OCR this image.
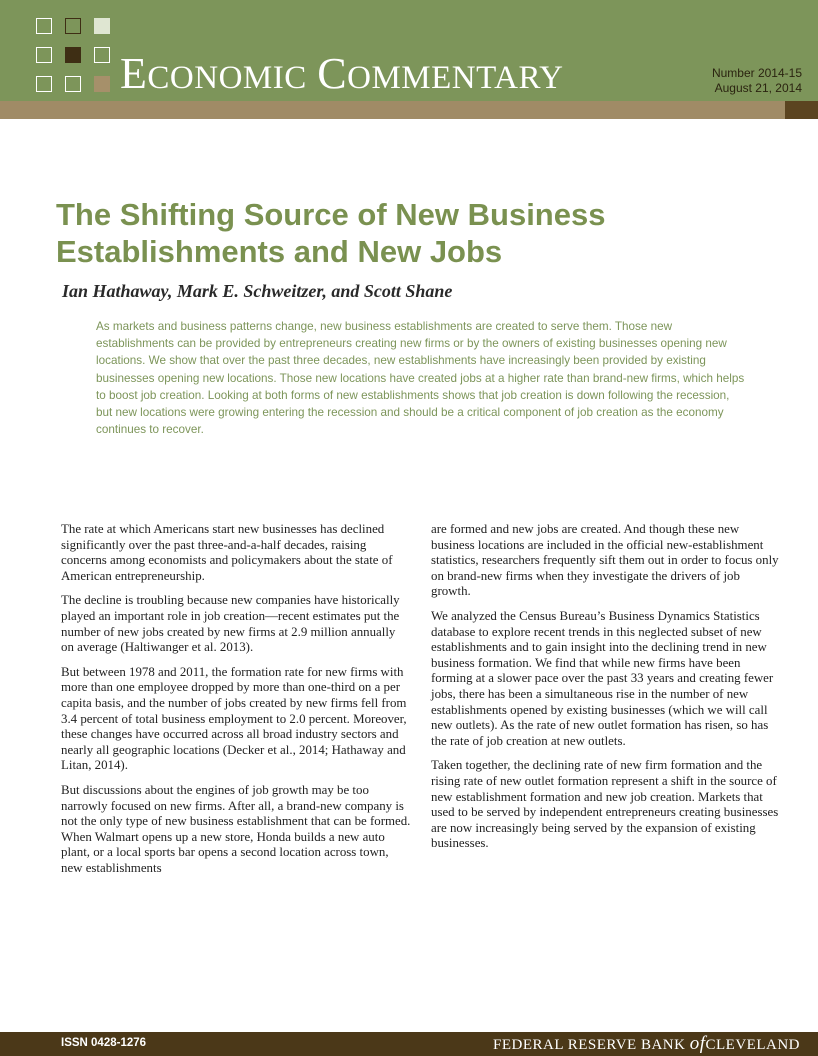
ECONOMIC COMMENTARY	Number 2014-15
August 21, 2014
The Shifting Source of New Business Establishments and New Jobs
Ian Hathaway, Mark E. Schweitzer, and Scott Shane

As markets and business patterns change, new business establishments are created to serve them. Those new establishments can be provided by entrepreneurs creating new firms or by the owners of existing businesses opening new locations. We show that over the past three decades, new establishments have increasingly been provided by existing businesses opening new locations. Those new locations have created jobs at a higher rate than brand-new firms, which helps to boost job creation. Looking at both forms of new establishments shows that job creation is down following the recession, but new locations were growing entering the recession and should be a critical component of job creation as the economy continues to recover.

The rate at which Americans start new businesses has declined significantly over the past three-and-a-half decades, raising concerns among economists and policymakers about the state of American entrepreneurship.

The decline is troubling because new companies have historically played an important role in job creation—recent estimates put the number of new jobs created by new firms at 2.9 million annually on average (Haltiwanger et al. 2013).

But between 1978 and 2011, the formation rate for new firms with more than one employee dropped by more than one-third on a per capita basis, and the number of jobs created by new firms fell from 3.4 percent of total business employment to 2.0 percent. Moreover, these changes have occurred across all broad industry sectors and nearly all geographic locations (Decker et al., 2014; Hathaway and Litan, 2014).

But discussions about the engines of job growth may be too narrowly focused on new firms. After all, a brand-new company is not the only type of new business establishment that can be formed. When Walmart opens up a new store, Honda builds a new auto plant, or a local sports bar opens a second location across town, new establishments

are formed and new jobs are created. And though these new business locations are included in the official new-establishment statistics, researchers frequently sift them out in order to focus only on brand-new firms when they investigate the drivers of job growth.

We analyzed the Census Bureau’s Business Dynamics Statistics database to explore recent trends in this neglected subset of new establishments and to gain insight into the declining trend in new business formation. We find that while new firms have been forming at a slower pace over the past 33 years and creating fewer jobs, there has been a simultaneous rise in the number of new establishments opened by existing businesses (which we will call new outlets). As the rate of new outlet formation has risen, so has the rate of job creation at new outlets.

Taken together, the declining rate of new firm formation and the rising rate of new outlet formation represent a shift in the source of new establishment formation and new job creation. Markets that used to be served by independent entrepreneurs creating businesses are now increasingly being served by the expansion of existing businesses.

ISSN 0428-1276	FEDERAL RESERVE BANK ofCLEVELAND
